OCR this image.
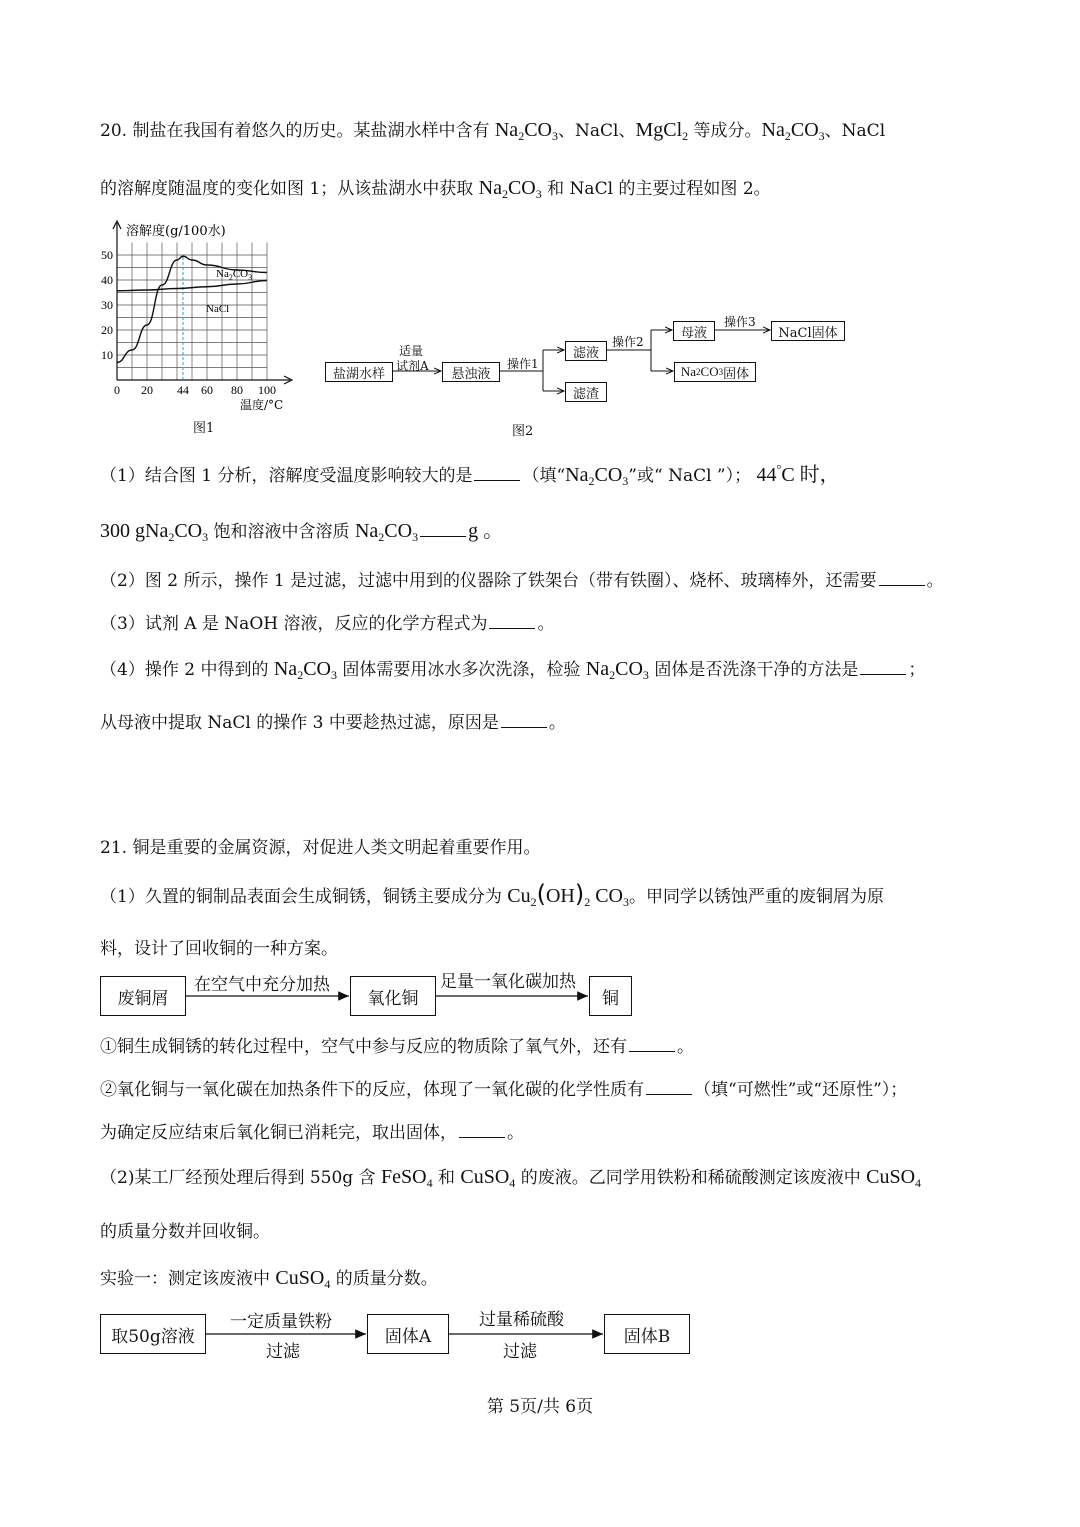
20. 制盐在我国有着悠久的历史。某盐湖水样中含有 $Na_2CO_3$、NaCl、MgCl$_2$ 等成分。$Na_2CO_3$、NaCl
的溶解度随温度的变化如图 1；从该盐湖水中获取 $Na_2CO_3$ 和 NaCl 的主要过程如图 2。
10
20
30
40
50
0 20 44 60 80 100
溶解度(g/100水)
温度/°C
$Na_2CO_3$
NaCl
图1
盐湖水样
适量
试剂A
悬浊液
操作1
滤液
滤渣
操作2
母液
操作3
NaCl固体
Na 2 CO 3 固体
图2
（1）结合图 1 分析，溶解度受温度影响较大的是	（填“$Na_2CO_3$”或“ NaCl ”）； 44°C 时，
300 $gNa_2CO_3$ 饱和溶液中含溶质 $Na_2CO_3$	g 。
（2）图 2 所示，操作 1 是过滤，过滤中用到的仪器除了铁架台（带有铁圈）、烧杯、玻璃棒外，还需要	。
（3）试剂 A 是 NaOH 溶液，反应的化学方程式为	。
（4）操作 2 中得到的 $Na_2CO_3$ 固体需要用冰水多次洗涤，检验 $Na_2CO_3$ 固体是否洗涤干净的方法是	；
从母液中提取 NaCl 的操作 3 中要趁热过滤，原因是	。
21. 铜是重要的金属资源，对促进人类文明起着重要作用。
（1）久置的铜制品表面会生成铜锈，铜锈主要成分为 $Cu_2(OH)_2$ $CO_3$。甲同学以锈蚀严重的废铜屑为原
料，设计了回收铜的一种方案。
废铜屑
在空气中充分加热
氧化铜
足量一氧化碳加热
铜
①铜生成铜锈的转化过程中，空气中参与反应的物质除了氧气外，还有	。
②氧化铜与一氧化碳在加热条件下的反应，体现了一氧化碳的化学性质有	（填“可燃性”或“还原性”）；
为确定反应结束后氧化铜已消耗完，取出固体，	。
（2)某工厂经预处理后得到 550g 含 FeSO$_4$ 和 CuSO$_4$ 的废液。乙同学用铁粉和稀硫酸测定该废液中 CuSO$_4$
的质量分数并回收铜。
实验一：测定该废液中 CuSO$_4$ 的质量分数。
取50g溶液
一定质量铁粉
过滤
固体A
过量稀硫酸
过滤
固体B
第 5页/共 6页
